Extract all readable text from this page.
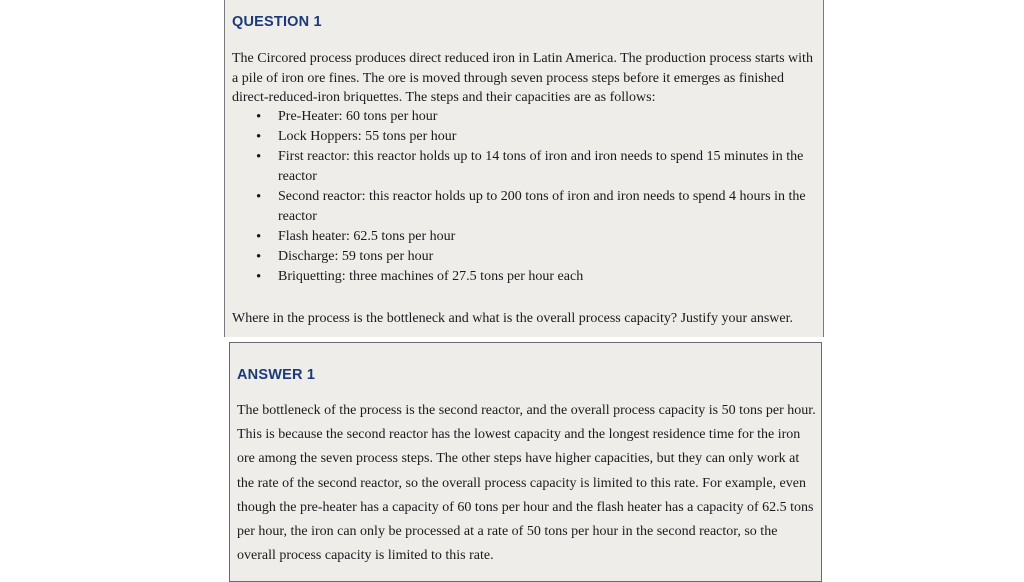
QUESTION 1

The Circored process produces direct reduced iron in Latin America. The production process starts with a pile of iron ore fines. The ore is moved through seven process steps before it emerges as finished direct-reduced-iron briquettes. The steps and their capacities are as follows:

• Pre-Heater: 60 tons per hour
• Lock Hoppers: 55 tons per hour
• First reactor: this reactor holds up to 14 tons of iron and iron needs to spend 15 minutes in the reactor
• Second reactor: this reactor holds up to 200 tons of iron and iron needs to spend 4 hours in the reactor
• Flash heater: 62.5 tons per hour
• Discharge: 59 tons per hour
• Briquetting: three machines of 27.5 tons per hour each

Where in the process is the bottleneck and what is the overall process capacity? Justify your answer.

ANSWER 1

The bottleneck of the process is the second reactor, and the overall process capacity is 50 tons per hour. This is because the second reactor has the lowest capacity and the longest residence time for the iron ore among the seven process steps. The other steps have higher capacities, but they can only work at the rate of the second reactor, so the overall process capacity is limited to this rate. For example, even though the pre-heater has a capacity of 60 tons per hour and the flash heater has a capacity of 62.5 tons per hour, the iron can only be processed at a rate of 50 tons per hour in the second reactor, so the overall process capacity is limited to this rate.
